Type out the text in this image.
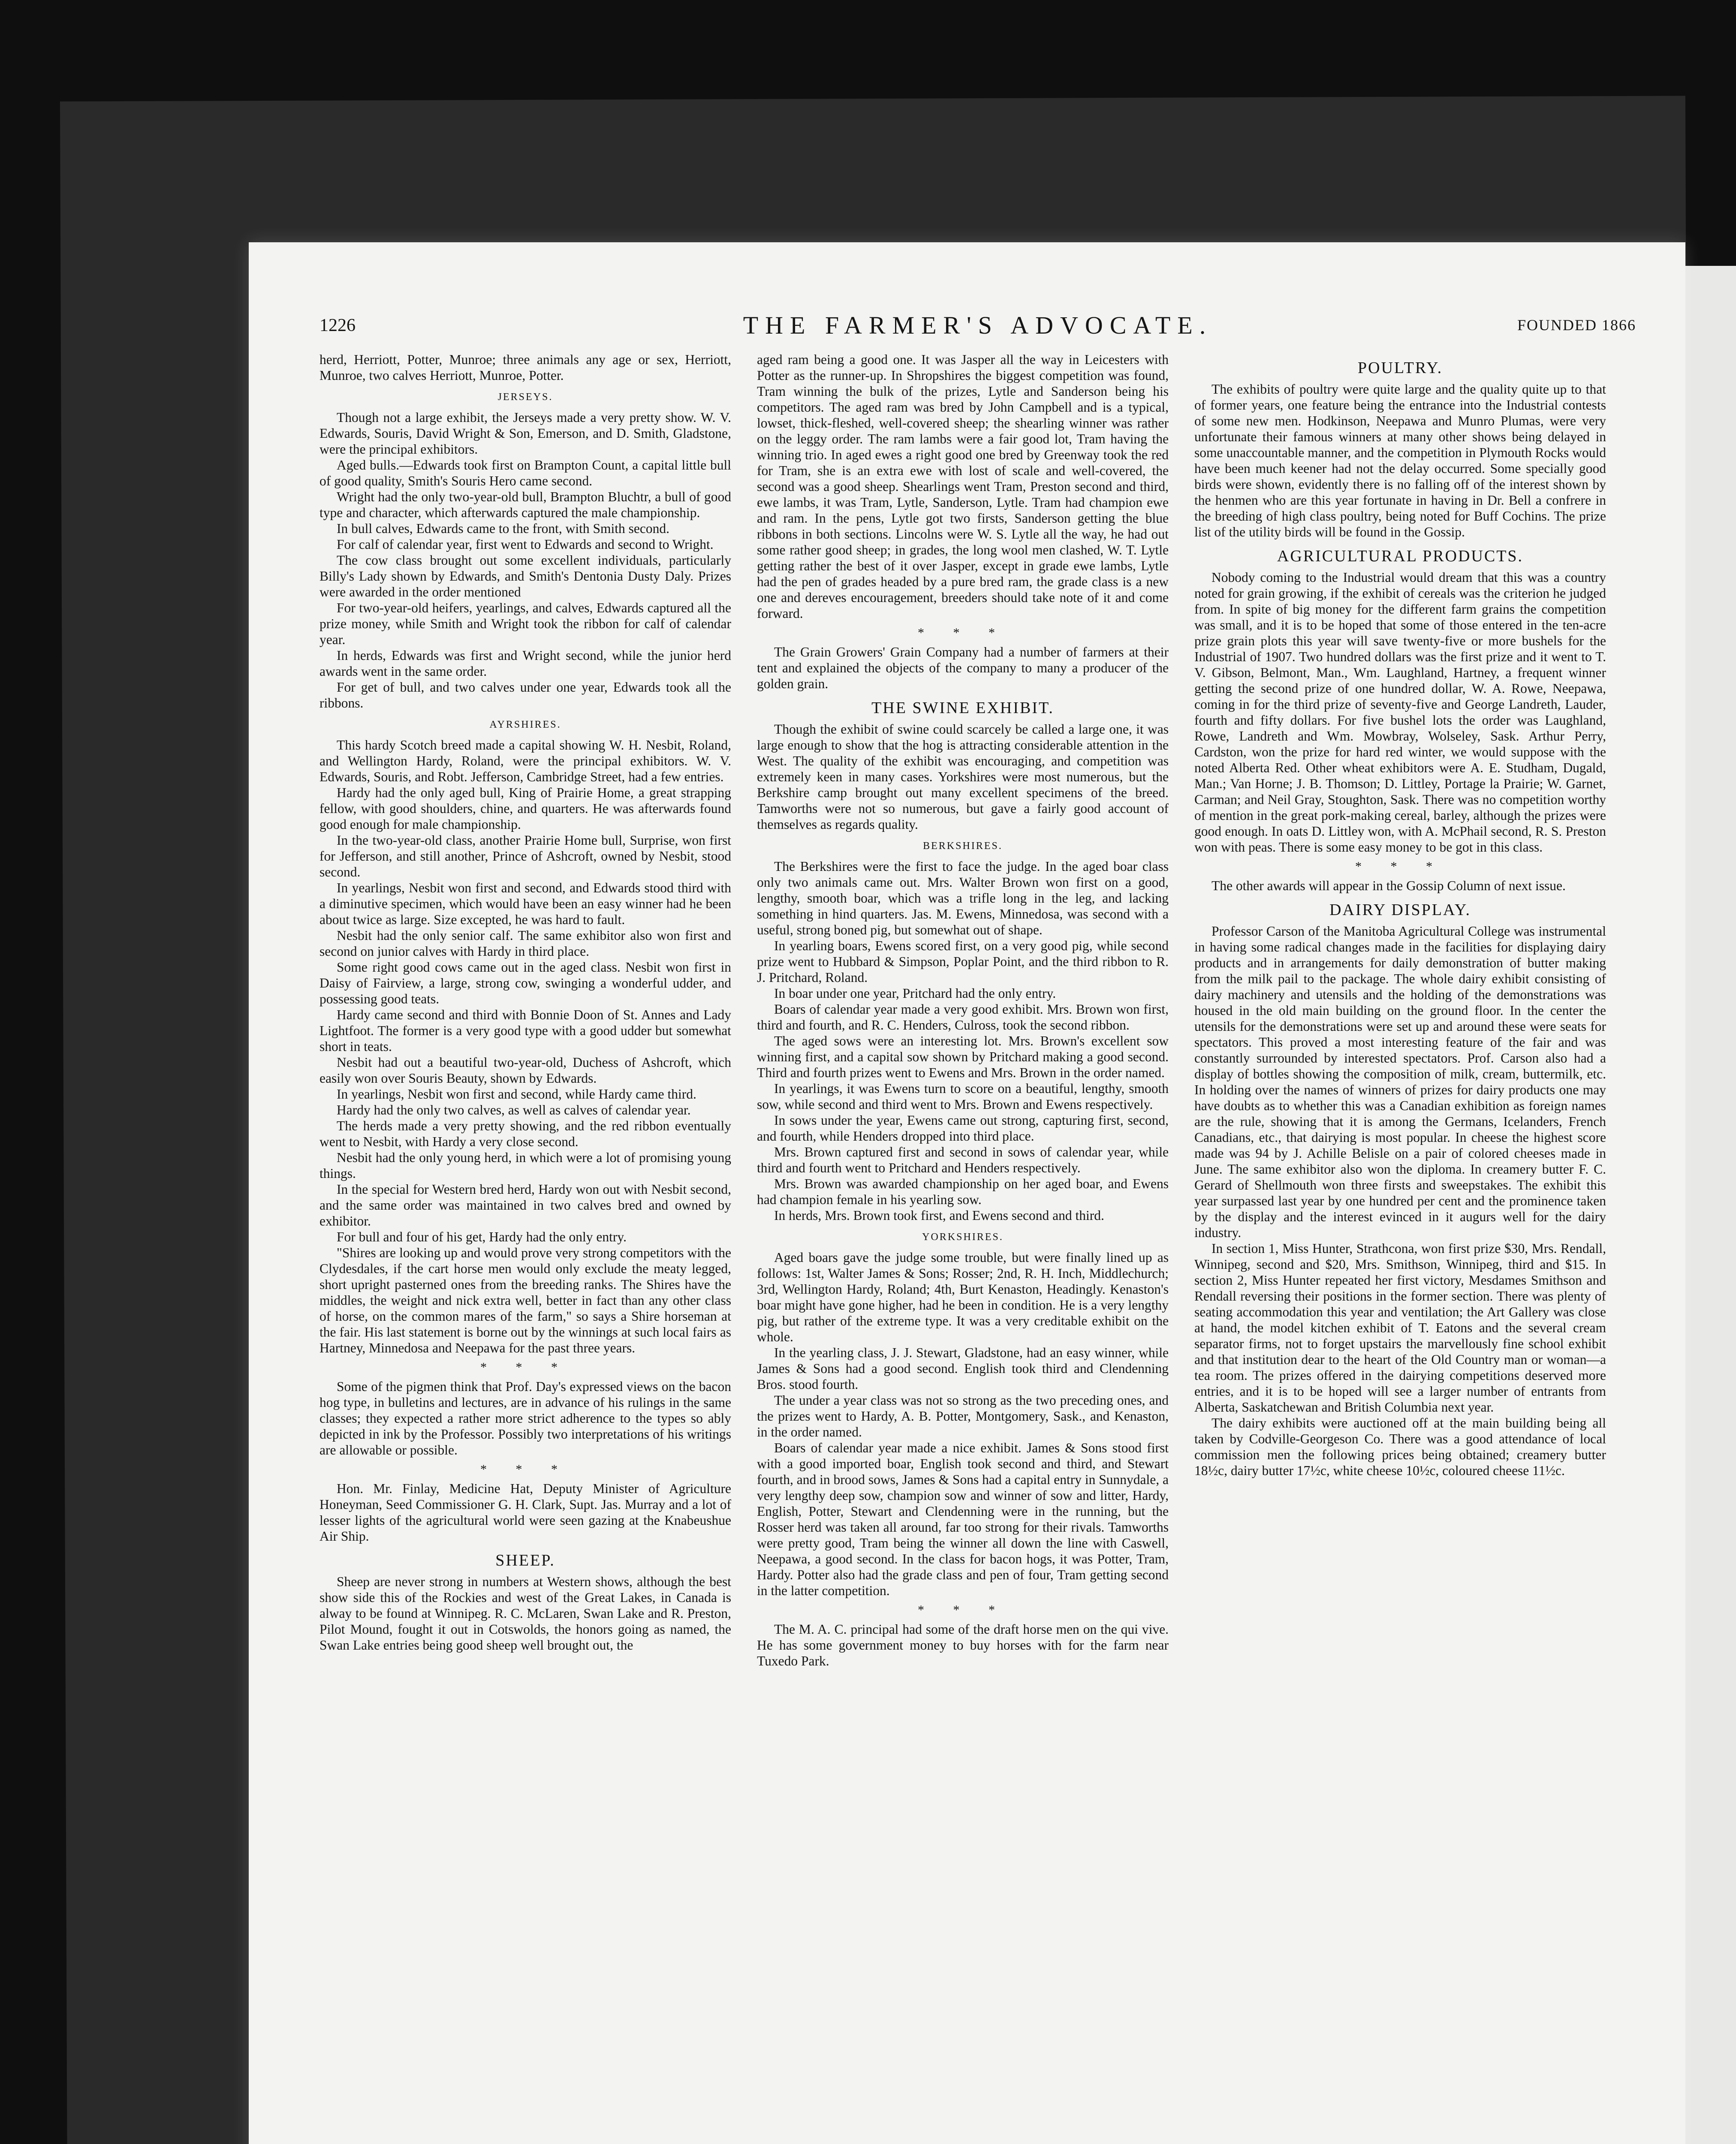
1226	THE FARMER'S ADVOCATE.	FOUNDED 1866

herd, Herriott, Potter, Munroe; three animals any age or sex, Herriott, Munroe, two calves Herriott, Munroe, Potter.

JERSEYS.

Though not a large exhibit, the Jerseys made a very pretty show. W. V. Edwards, Souris, David Wright & Son, Emerson, and D. Smith, Gladstone, were the principal exhibitors.

Aged bulls.—Edwards took first on Brampton Count, a capital little bull of good quality, Smith's Souris Hero came second.

Wright had the only two-year-old bull, Brampton Bluchtr, a bull of good type and character, which afterwards captured the male championship.

In bull calves, Edwards came to the front, with Smith second.

For calf of calendar year, first went to Edwards and second to Wright.

The cow class brought out some excellent individuals, particularly Billy's Lady shown by Edwards, and Smith's Dentonia Dusty Daly. Prizes were awarded in the order mentioned

For two-year-old heifers, yearlings, and calves, Edwards captured all the prize money, while Smith and Wright took the ribbon for calf of calendar year.

In herds, Edwards was first and Wright second, while the junior herd awards went in the same order.

For get of bull, and two calves under one year, Edwards took all the ribbons.

AYRSHIRES.

This hardy Scotch breed made a capital showing W. H. Nesbit, Roland, and Wellington Hardy, Roland, were the principal exhibitors. W. V. Edwards, Souris, and Robt. Jefferson, Cambridge Street, had a few entries.

Hardy had the only aged bull, King of Prairie Home, a great strapping fellow, with good shoulders, chine, and quarters. He was afterwards found good enough for male championship.

In the two-year-old class, another Prairie Home bull, Surprise, won first for Jefferson, and still another, Prince of Ashcroft, owned by Nesbit, stood second.

In yearlings, Nesbit won first and second, and Edwards stood third with a diminutive specimen, which would have been an easy winner had he been about twice as large. Size excepted, he was hard to fault.

Nesbit had the only senior calf. The same exhibitor also won first and second on junior calves with Hardy in third place.

Some right good cows came out in the aged class. Nesbit won first in Daisy of Fairview, a large, strong cow, swinging a wonderful udder, and possessing good teats.

Hardy came second and third with Bonnie Doon of St. Annes and Lady Lightfoot. The former is a very good type with a good udder but somewhat short in teats.

Nesbit had out a beautiful two-year-old, Duchess of Ashcroft, which easily won over Souris Beauty, shown by Edwards.

In yearlings, Nesbit won first and second, while Hardy came third.

Hardy had the only two calves, as well as calves of calendar year.

The herds made a very pretty showing, and the red ribbon eventually went to Nesbit, with Hardy a very close second.

Nesbit had the only young herd, in which were a lot of promising young things.

In the special for Western bred herd, Hardy won out with Nesbit second, and the same order was maintained in two calves bred and owned by exhibitor.

For bull and four of his get, Hardy had the only entry.

"Shires are looking up and would prove very strong competitors with the Clydesdales, if the cart horse men would only exclude the meaty legged, short upright pasterned ones from the breeding ranks. The Shires have the middles, the weight and nick extra well, better in fact than any other class of horse, on the common mares of the farm," so says a Shire horseman at the fair. His last statement is borne out by the winnings at such local fairs as Hartney, Minnedosa and Neepawa for the past three years.

* * *

Some of the pigmen think that Prof. Day's expressed views on the bacon hog type, in bulletins and lectures, are in advance of his rulings in the same classes; they expected a rather more strict adherence to the types so ably depicted in ink by the Professor. Possibly two interpretations of his writings are allowable or possible.

* * *

Hon. Mr. Finlay, Medicine Hat, Deputy Minister of Agriculture Honeyman, Seed Commissioner G. H. Clark, Supt. Jas. Murray and a lot of lesser lights of the agricultural world were seen gazing at the Knabeushue Air Ship.

SHEEP.

Sheep are never strong in numbers at Western shows, although the best show side this of the Rockies and west of the Great Lakes, in Canada is alway to be found at Winnipeg. R. C. McLaren, Swan Lake and R. Preston, Pilot Mound, fought it out in Cotswolds, the honors going as named, the Swan Lake entries being good sheep well brought out, the

aged ram being a good one. It was Jasper all the way in Leicesters with Potter as the runner-up. In Shropshires the biggest competition was found, Tram winning the bulk of the prizes, Lytle and Sanderson being his competitors. The aged ram was bred by John Campbell and is a typical, lowset, thick-fleshed, well-covered sheep; the shearling winner was rather on the leggy order. The ram lambs were a fair good lot, Tram having the winning trio. In aged ewes a right good one bred by Greenway took the red for Tram, she is an extra ewe with lost of scale and well-covered, the second was a good sheep. Shearlings went Tram, Preston second and third, ewe lambs, it was Tram, Lytle, Sanderson, Lytle. Tram had champion ewe and ram. In the pens, Lytle got two firsts, Sanderson getting the blue ribbons in both sections. Lincolns were W. S. Lytle all the way, he had out some rather good sheep; in grades, the long wool men clashed, W. T. Lytle getting rather the best of it over Jasper, except in grade ewe lambs, Lytle had the pen of grades headed by a pure bred ram, the grade class is a new one and dereves encouragement, breeders should take note of it and come forward.

* * *

The Grain Growers' Grain Company had a number of farmers at their tent and explained the objects of the company to many a producer of the golden grain.

THE SWINE EXHIBIT.

Though the exhibit of swine could scarcely be called a large one, it was large enough to show that the hog is attracting considerable attention in the West. The quality of the exhibit was encouraging, and competition was extremely keen in many cases. Yorkshires were most numerous, but the Berkshire camp brought out many excellent specimens of the breed. Tamworths were not so numerous, but gave a fairly good account of themselves as regards quality.

BERKSHIRES.

The Berkshires were the first to face the judge. In the aged boar class only two animals came out. Mrs. Walter Brown won first on a good, lengthy, smooth boar, which was a trifle long in the leg, and lacking something in hind quarters. Jas. M. Ewens, Minnedosa, was second with a useful, strong boned pig, but somewhat out of shape.

In yearling boars, Ewens scored first, on a very good pig, while second prize went to Hubbard & Simpson, Poplar Point, and the third ribbon to R. J. Pritchard, Roland.

In boar under one year, Pritchard had the only entry.

Boars of calendar year made a very good exhibit. Mrs. Brown won first, third and fourth, and R. C. Henders, Culross, took the second ribbon.

The aged sows were an interesting lot. Mrs. Brown's excellent sow winning first, and a capital sow shown by Pritchard making a good second. Third and fourth prizes went to Ewens and Mrs. Brown in the order named.

In yearlings, it was Ewens turn to score on a beautiful, lengthy, smooth sow, while second and third went to Mrs. Brown and Ewens respectively.

In sows under the year, Ewens came out strong, capturing first, second, and fourth, while Henders dropped into third place.

Mrs. Brown captured first and second in sows of calendar year, while third and fourth went to Pritchard and Henders respectively.

Mrs. Brown was awarded championship on her aged boar, and Ewens had champion female in his yearling sow.

In herds, Mrs. Brown took first, and Ewens second and third.

YORKSHIRES.

Aged boars gave the judge some trouble, but were finally lined up as follows: 1st, Walter James & Sons; Rosser; 2nd, R. H. Inch, Middlechurch; 3rd, Wellington Hardy, Roland; 4th, Burt Kenaston, Headingly. Kenaston's boar might have gone higher, had he been in condition. He is a very lengthy pig, but rather of the extreme type. It was a very creditable exhibit on the whole.

In the yearling class, J. J. Stewart, Gladstone, had an easy winner, while James & Sons had a good second. English took third and Clendenning Bros. stood fourth.

The under a year class was not so strong as the two preceding ones, and the prizes went to Hardy, A. B. Potter, Montgomery, Sask., and Kenaston, in the order named.

Boars of calendar year made a nice exhibit. James & Sons stood first with a good imported boar, English took second and third, and Stewart fourth, and in brood sows, James & Sons had a capital entry in Sunnydale, a very lengthy deep sow, champion sow and winner of sow and litter, Hardy, English, Potter, Stewart and Clendenning were in the running, but the Rosser herd was taken all around, far too strong for their rivals. Tamworths were pretty good, Tram being the winner all down the line with Caswell, Neepawa, a good second. In the class for bacon hogs, it was Potter, Tram, Hardy. Potter also had the grade class and pen of four, Tram getting second in the latter competition.

* * *

The M. A. C. principal had some of the draft horse men on the qui vive. He has some government money to buy horses with for the farm near Tuxedo Park.

POULTRY.

The exhibits of poultry were quite large and the quality quite up to that of former years, one feature being the entrance into the Industrial contests of some new men. Hodkinson, Neepawa and Munro Plumas, were very unfortunate their famous winners at many other shows being delayed in some unaccountable manner, and the competition in Plymouth Rocks would have been much keener had not the delay occurred. Some specially good birds were shown, evidently there is no falling off of the interest shown by the henmen who are this year fortunate in having in Dr. Bell a confrere in the breeding of high class poultry, being noted for Buff Cochins. The prize list of the utility birds will be found in the Gossip.

AGRICULTURAL PRODUCTS.

Nobody coming to the Industrial would dream that this was a country noted for grain growing, if the exhibit of cereals was the criterion he judged from. In spite of big money for the different farm grains the competition was small, and it is to be hoped that some of those entered in the ten-acre prize grain plots this year will save twenty-five or more bushels for the Industrial of 1907. Two hundred dollars was the first prize and it went to T. V. Gibson, Belmont, Man., Wm. Laughland, Hartney, a frequent winner getting the second prize of one hundred dollar, W. A. Rowe, Neepawa, coming in for the third prize of seventy-five and George Landreth, Lauder, fourth and fifty dollars. For five bushel lots the order was Laughland, Rowe, Landreth and Wm. Mowbray, Wolseley, Sask. Arthur Perry, Cardston, won the prize for hard red winter, we would suppose with the noted Alberta Red. Other wheat exhibitors were A. E. Studham, Dugald, Man.; Van Horne; J. B. Thomson; D. Littley, Portage la Prairie; W. Garnet, Carman; and Neil Gray, Stoughton, Sask. There was no competition worthy of mention in the great pork-making cereal, barley, although the prizes were good enough. In oats D. Littley won, with A. McPhail second, R. S. Preston won with peas. There is some easy money to be got in this class.

* * *

The other awards will appear in the Gossip Column of next issue.

DAIRY DISPLAY.

Professor Carson of the Manitoba Agricultural College was instrumental in having some radical changes made in the facilities for displaying dairy products and in arrangements for daily demonstration of butter making from the milk pail to the package. The whole dairy exhibit consisting of dairy machinery and utensils and the holding of the demonstrations was housed in the old main building on the ground floor. In the center the utensils for the demonstrations were set up and around these were seats for spectators. This proved a most interesting feature of the fair and was constantly surrounded by interested spectators. Prof. Carson also had a display of bottles showing the composition of milk, cream, buttermilk, etc. In holding over the names of winners of prizes for dairy products one may have doubts as to whether this was a Canadian exhibition as foreign names are the rule, showing that it is among the Germans, Icelanders, French Canadians, etc., that dairying is most popular. In cheese the highest score made was 94 by J. Achille Belisle on a pair of colored cheeses made in June. The same exhibitor also won the diploma. In creamery butter F. C. Gerard of Shellmouth won three firsts and sweepstakes. The exhibit this year surpassed last year by one hundred per cent and the prominence taken by the display and the interest evinced in it augurs well for the dairy industry.

In section 1, Miss Hunter, Strathcona, won first prize $30, Mrs. Rendall, Winnipeg, second and $20, Mrs. Smithson, Winnipeg, third and $15. In section 2, Miss Hunter repeated her first victory, Mesdames Smithson and Rendall reversing their positions in the former section. There was plenty of seating accommodation this year and ventilation; the Art Gallery was close at hand, the model kitchen exhibit of T. Eatons and the several cream separator firms, not to forget upstairs the marvellously fine school exhibit and that institution dear to the heart of the Old Country man or woman—a tea room. The prizes offered in the dairying competitions deserved more entries, and it is to be hoped will see a larger number of entrants from Alberta, Saskatchewan and British Columbia next year.

The dairy exhibits were auctioned off at the main building being all taken by Codville-Georgeson Co. There was a good attendance of local commission men the following prices being obtained; creamery butter 18½c, dairy butter 17½c, white cheese 10½c, coloured cheese 11½c.
